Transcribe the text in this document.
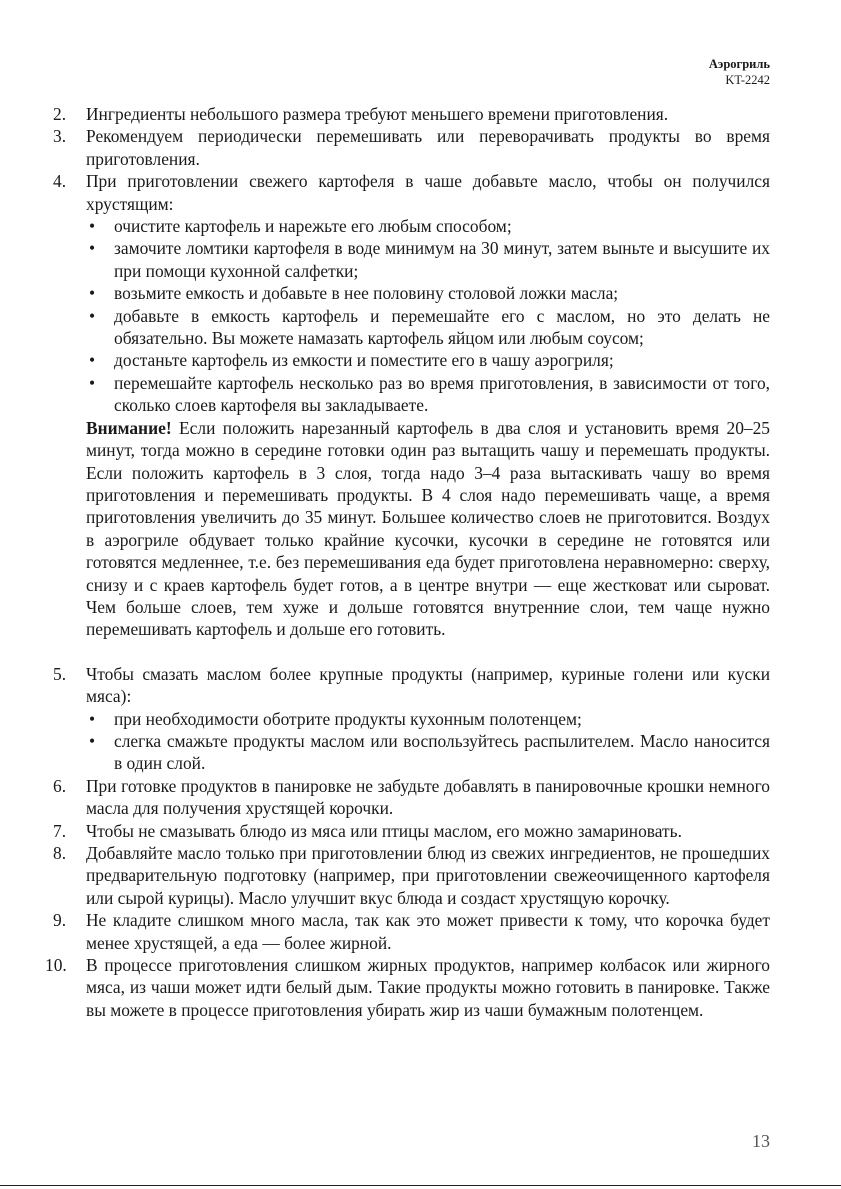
Аэрогриль
KT-2242
2. Ингредиенты небольшого размера требуют меньшего времени приготовления.
3. Рекомендуем периодически перемешивать или переворачивать продукты во время приготовления.
4. При приготовлении свежего картофеля в чаше добавьте масло, чтобы он получился хрустящим:
• очистите картофель и нарежьте его любым способом;
• замочите ломтики картофеля в воде минимум на 30 минут, затем выньте и высушите их при помощи кухонной салфетки;
• возьмите емкость и добавьте в нее половину столовой ложки масла;
• добавьте в емкость картофель и перемешайте его с маслом, но это делать не обязательно. Вы можете намазать картофель яйцом или любым соусом;
• достаньте картофель из емкости и поместите его в чашу аэрогриля;
• перемешайте картофель несколько раз во время приготовления, в зависимости от того, сколько слоев картофеля вы закладываете.

Внимание! Если положить нарезанный картофель в два слоя и установить время 20–25 минут, тогда можно в середине готовки один раз вытащить чашу и перемешать продукты. Если положить картофель в 3 слоя, тогда надо 3–4 раза вытаскивать чашу во время приготовления и перемешивать продукты. В 4 слоя надо перемешивать чаще, а время приготовления увеличить до 35 минут. Большее количество слоев не приготовится. Воздух в аэрогриле обдувает только крайние кусочки, кусочки в середине не готовятся или готовятся медленнее, т.е. без перемешивания еда будет приготовлена неравномерно: сверху, снизу и с краев картофель будет готов, а в центре внутри — еще жестковат или сыроват. Чем больше слоев, тем хуже и дольше готовятся внутренние слои, тем чаще нужно перемешивать картофель и дольше его готовить.

5. Чтобы смазать маслом более крупные продукты (например, куриные голени или куски мяса):
• при необходимости оботрите продукты кухонным полотенцем;
• слегка смажьте продукты маслом или воспользуйтесь распылителем. Масло наносится в один слой.
6. При готовке продуктов в панировке не забудьте добавлять в панировочные крошки немного масла для получения хрустящей корочки.
7. Чтобы не смазывать блюдо из мяса или птицы маслом, его можно замариновать.
8. Добавляйте масло только при приготовлении блюд из свежих ингредиентов, не прошедших предварительную подготовку (например, при приготовлении свежеочищенного картофеля или сырой курицы). Масло улучшит вкус блюда и создаст хрустящую корочку.
9. Не кладите слишком много масла, так как это может привести к тому, что корочка будет менее хрустящей, а еда — более жирной.
10. В процессе приготовления слишком жирных продуктов, например колбасок или жирного мяса, из чаши может идти белый дым. Такие продукты можно готовить в панировке. Также вы можете в процессе приготовления убирать жир из чаши бумажным полотенцем.
13
